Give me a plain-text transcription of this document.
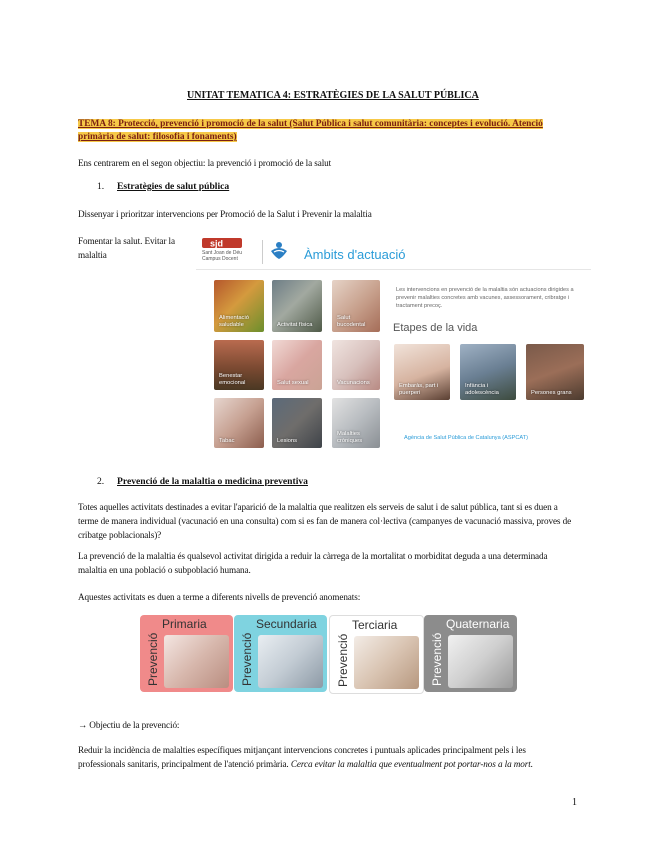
UNITAT TEMATICA 4: ESTRATÈGIES DE LA SALUT PÚBLICA
TEMA 8: Protecció, prevenció i promoció de la salut (Salut Pública i salut comunitària: conceptes i evolució. Atenció primària de salut: filosofia i fonaments)
Ens centrarem en el segon objectiu: la prevenció i promoció de la salut
1. Estratègies de salut pública
Dissenyar i prioritzar intervencions per Promoció de la Salut i Prevenir la malaltia
Fomentar la salut. Evitar la malaltia
sjd
Sant Joan de Déu Campus Docent	Àmbits d'actuació
Les intervencions en prevenció de la malaltia són actuacions dirigides a prevenir malalties concretes amb vacunes, assessorament, cribratge i tractament precoç.
Etapes de la vida
Alimentació saludable	Activitat física
Salut bucodental
Benestar emocional	Salut sexual	Vacunacions
Tabac	Lesions
Malalties cròniques
Embaràs, part i puerperi
Infància i adolescència	Persones grans
Agència de Salut Pública de Catalunya (ASPCAT)
2. Prevenció de la malaltia o medicina preventiva
Totes aquelles activitats destinades a evitar l'aparició de la malaltia que realitzen els serveis de salut i de salut pública, tant si es duen a terme de manera individual (vacunació en una consulta) com si es fan de manera col·lectiva (campanyes de vacunació massiva, proves de cribatge poblacionals)?
La prevenció de la malaltia és qualsevol activitat dirigida a reduir la càrrega de la mortalitat o morbiditat deguda a una determinada malaltia en una població o subpoblació humana.
Aquestes activitats es duen a terme a diferents nivells de prevenció anomenats:
Prevenció
Primaria
Prevenció
Secundaria
Prevenció
Terciaria
Prevenció
Quaternaria
→ Objectiu de la prevenció:
Reduir la incidència de malalties específiques mitjançant intervencions concretes i puntuals aplicades principalment pels i les professionals sanitaris, principalment de l'atenció primària. Cerca evitar la malaltia que eventualment pot portar-nos a la mort.
1
